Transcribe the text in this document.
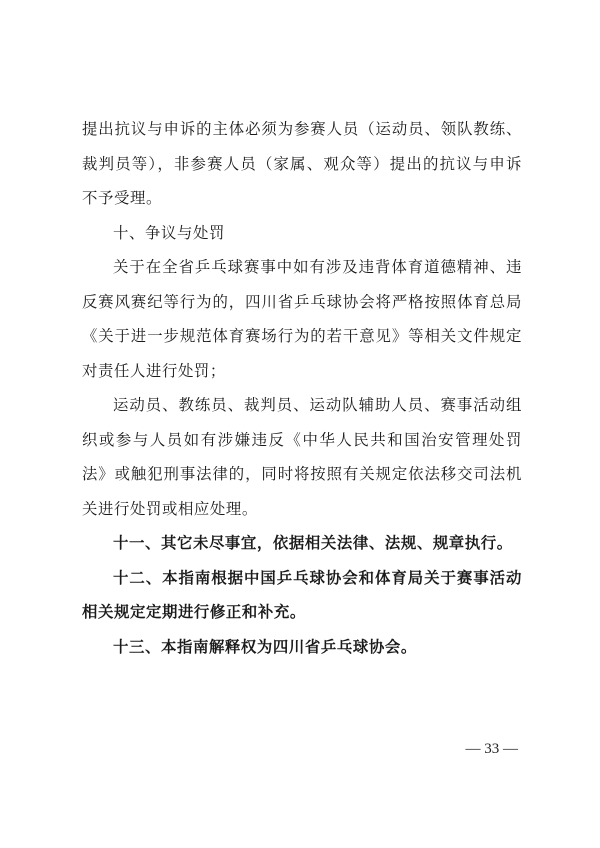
提出抗议与申诉的主体必须为参赛人员（运动员、领队教练、裁判员等），非参赛人员（家属、观众等）提出的抗议与申诉不予受理。

十、争议与处罚

关于在全省乒乓球赛事中如有涉及违背体育道德精神、违反赛风赛纪等行为的，四川省乒乓球协会将严格按照体育总局《关于进一步规范体育赛场行为的若干意见》等相关文件规定对责任人进行处罚；

运动员、教练员、裁判员、运动队辅助人员、赛事活动组织或参与人员如有涉嫌违反《中华人民共和国治安管理处罚法》或触犯刑事法律的，同时将按照有关规定依法移交司法机关进行处罚或相应处理。

十一、其它未尽事宜，依据相关法律、法规、规章执行。

十二、本指南根据中国乒乓球协会和体育局关于赛事活动相关规定定期进行修正和补充。

十三、本指南解释权为四川省乒乓球协会。

— 33 —
